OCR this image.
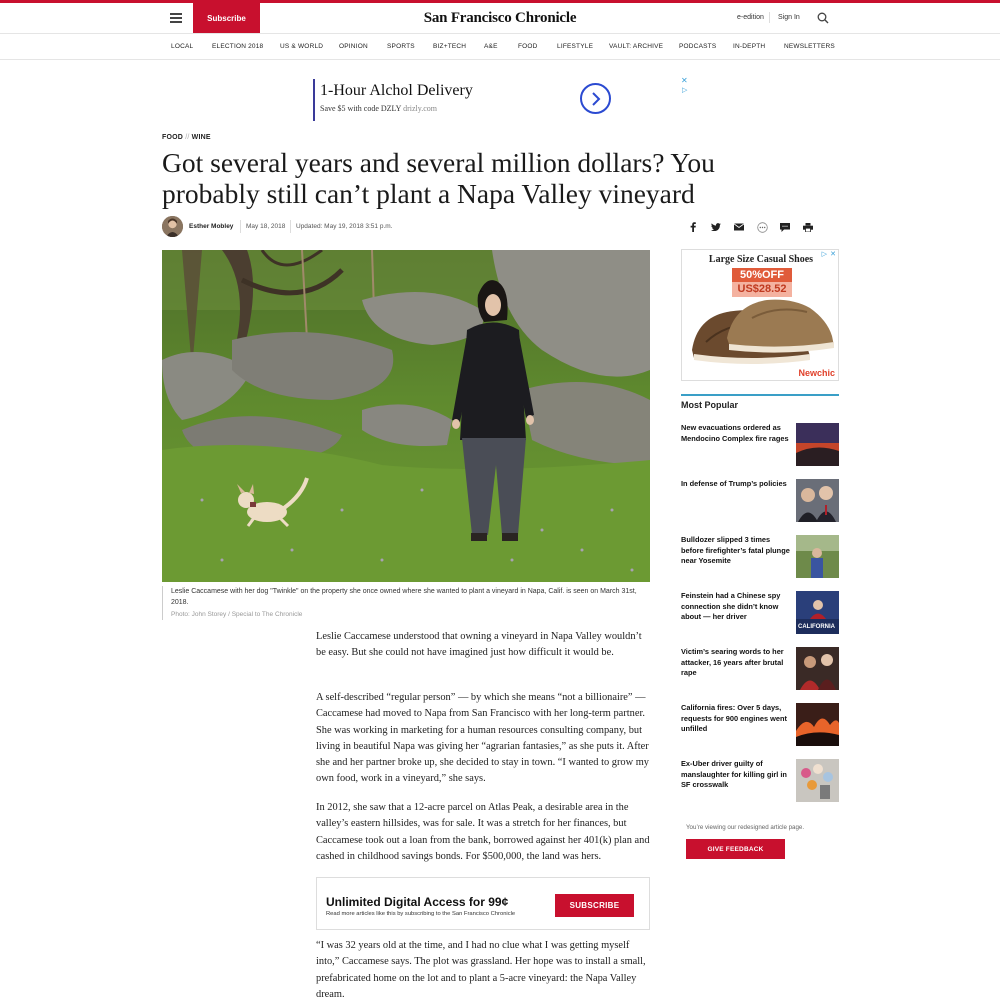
Subscribe	San Francisco Chronicle	e-edition Sign In
LOCAL	ELECTION 2018	US & WORLD OPINION	SPORTS	BIZ+TECH	A&E	FOOD	LIFESTYLE VAULT: ARCHIVE PODCASTS	IN-DEPTH	NEWSLETTERS
1-Hour Alchol Delivery
Save $5 with code DZLY drizly.com
✕
▷
FOOD // WINE
Got several years and several million dollars? You probably still can’t plant a Napa Valley vineyard
Esther Mobley May 18, 2018 Updated: May 19, 2018 3:51 p.m.
Leslie Caccamese with her dog "Twinkle" on the property she once owned where she wanted to plant a vineyard in Napa, Calif. is seen on March 31st, 2018.
Photo: John Storey / Special to The Chronicle

Leslie Caccamese understood that owning a vineyard in Napa Valley wouldn’t be easy. But she could not have imagined just how difficult it would be.

A self-described “regular person” — by which she means “not a billionaire” — Caccamese had moved to Napa from San Francisco with her long-term partner. She was working in marketing for a human resources consulting company, but living in beautiful Napa was giving her “agrarian fantasies,” as she puts it. After she and her partner broke up, she decided to stay in town. “I wanted to grow my own food, work in a vineyard,” she says.

In 2012, she saw that a 12-acre parcel on Atlas Peak, a desirable area in the valley’s eastern hillsides, was for sale. It was a stretch for her finances, but Caccamese took out a loan from the bank, borrowed against her 401(k) plan and cashed in childhood savings bonds. For $500,000, the land was hers.

Unlimited Digital Access for 99¢
Read more articles like this by subscribing to the San Francisco Chronicle
SUBSCRIBE

“I was 32 years old at the time, and I had no clue what I was getting myself into,” Caccamese says. The plot was grassland. Her hope was to install a small, prefabricated home on the lot and to plant a 5-acre vineyard: the Napa Valley dream.

Large Size Casual Shoes
50%OFF
US$28.52
Newchic
▷ ✕
Most Popular
New evacuations ordered as Mendocino Complex fire rages
In defense of Trump’s policies
Bulldozer slipped 3 times before firefighter’s fatal plunge near Yosemite
Feinstein had a Chinese spy connection she didn’t know about — her driver
CALIFORNIA
Victim’s searing words to her attacker, 16 years after brutal rape
California fires: Over 5 days, requests for 900 engines went unfilled
Ex-Uber driver guilty of manslaughter for killing girl in SF crosswalk
You’re viewing our redesigned article page.
GIVE FEEDBACK
